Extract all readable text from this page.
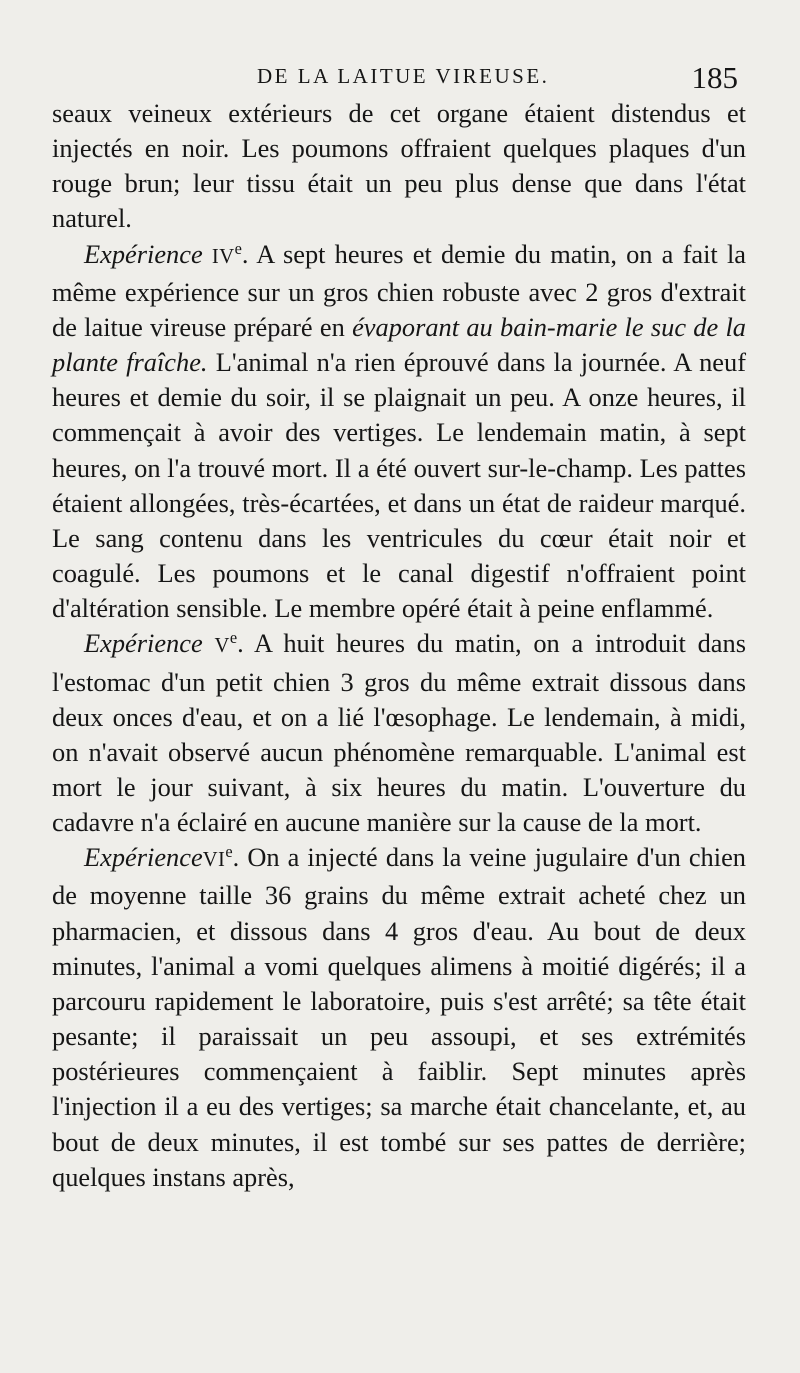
DE LA LAITUE VIREUSE.	185

seaux veineux extérieurs de cet organe étaient distendus et injectés en noir. Les poumons offraient quelques plaques d'un rouge brun; leur tissu était un peu plus dense que dans l'état naturel.

Expérience IVe. A sept heures et demie du matin, on a fait la même expérience sur un gros chien robuste avec 2 gros d'extrait de laitue vireuse préparé en évaporant au bain-marie le suc de la plante fraîche. L'animal n'a rien éprouvé dans la journée. A neuf heures et demie du soir, il se plaignait un peu. A onze heures, il commençait à avoir des vertiges. Le lendemain matin, à sept heures, on l'a trouvé mort. Il a été ouvert sur-le-champ. Les pattes étaient allongées, très-écartées, et dans un état de raideur marqué. Le sang contenu dans les ventricules du cœur était noir et coagulé. Les poumons et le canal digestif n'offraient point d'altération sensible. Le membre opéré était à peine enflammé.

Expérience Ve. A huit heures du matin, on a introduit dans l'estomac d'un petit chien 3 gros du même extrait dissous dans deux onces d'eau, et on a lié l'œsophage. Le lendemain, à midi, on n'avait observé aucun phénomène remarquable. L'animal est mort le jour suivant, à six heures du matin. L'ouverture du cadavre n'a éclairé en aucune manière sur la cause de la mort.

ExpérienceVI$^e$. On a injecté dans la veine jugulaire d'un chien de moyenne taille 36 grains du même extrait acheté chez un pharmacien, et dissous dans 4 gros d'eau. Au bout de deux minutes, l'animal a vomi quelques alimens à moitié digérés; il a parcouru rapidement le laboratoire, puis s'est arrêté; sa tête était pesante; il paraissait un peu assoupi, et ses extrémités postérieures commençaient à faiblir. Sept minutes après l'injection il a eu des vertiges; sa marche était chancelante, et, au bout de deux minutes, il est tombé sur ses pattes de derrière; quelques instans après,
